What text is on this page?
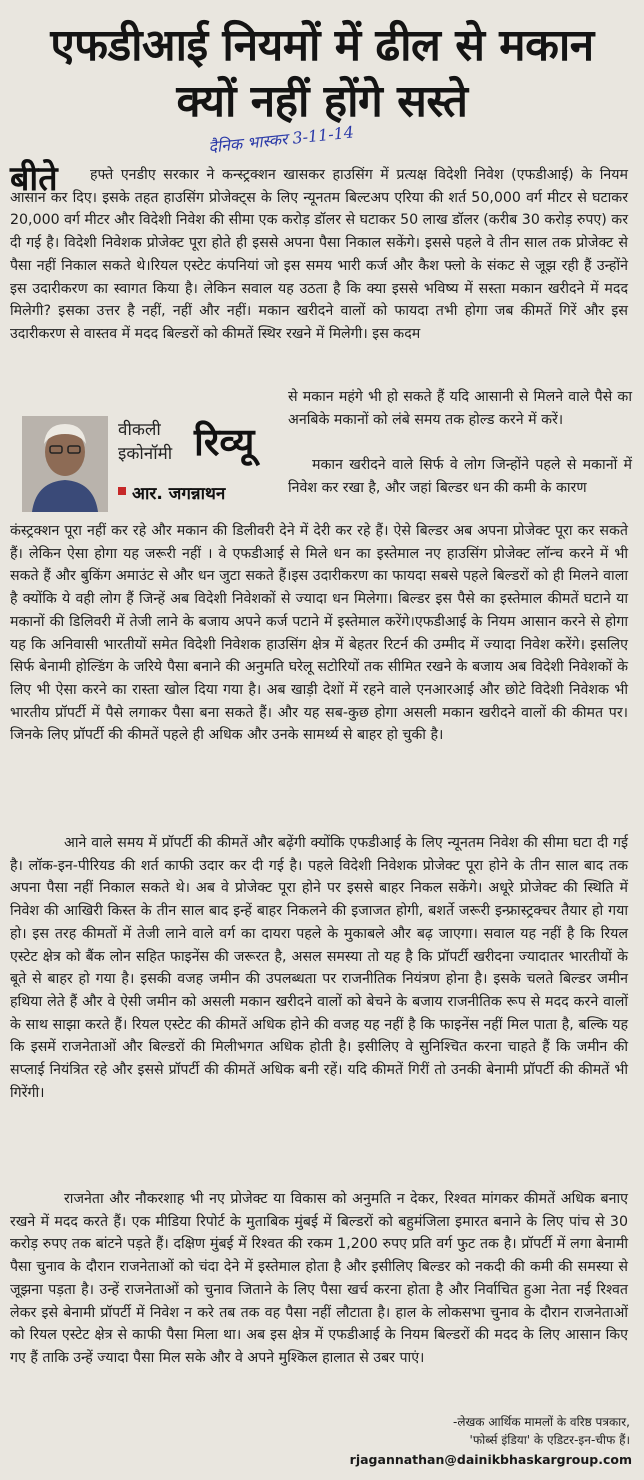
एफडीआई नियमों में ढील से मकान क्यों नहीं होंगे सस्ते
दैनिक भास्कर 3-11-14
बीते	हफ्ते एनडीए सरकार ने कन्स्ट्रक्शन खासकर हाउसिंग में प्रत्यक्ष विदेशी निवेश (एफडीआई) के नियम आसान कर दिए। इसके तहत हाउसिंग प्रोजेक्ट्स के लिए न्यूनतम बिल्टअप एरिया की शर्त 50,000 वर्ग मीटर से घटाकर 20,000 वर्ग मीटर और विदेशी निवेश की सीमा एक करोड़ डॉलर से घटाकर 50 लाख डॉलर (करीब 30 करोड़ रुपए) कर दी गई है। विदेशी निवेशक प्रोजेक्ट पूरा होते ही इससे अपना पैसा निकाल सकेंगे। इससे पहले वे तीन साल तक प्रोजेक्ट से पैसा नहीं निकाल सकते थे।रियल एस्टेट कंपनियां जो इस समय भारी कर्ज और कैश फ्लो के संकट से जूझ रही हैं उन्होंने इस उदारीकरण का स्वागत किया है। लेकिन सवाल यह उठता है कि क्या इससे भविष्य में सस्ता मकान खरीदने में मदद मिलेगी? इसका उत्तर है नहीं, नहीं और नहीं। मकान खरीदने वालों को फायदा तभी होगा जब कीमतें गिरें और इस उदारीकरण से वास्तव में मदद बिल्डरों को कीमतें स्थिर रखने में मिलेगी। इस कदम
वीकली इकोनॉमी रिव्यू
आर. जगन्नाथन
से मकान महंगे भी हो सकते हैं यदि आसानी से मिलने वाले पैसे का अनबिके मकानों को लंबे समय तक होल्ड करने में करें।
मकान खरीदने वाले सिर्फ वे लोग जिन्होंने पहले से मकानों में निवेश कर रखा है, और जहां बिल्डर धन की कमी के कारण
कंस्ट्रक्शन पूरा नहीं कर रहे और मकान की डिलीवरी देने में देरी कर रहे हैं। ऐसे बिल्डर अब अपना प्रोजेक्ट पूरा कर सकते हैं। लेकिन ऐसा होगा यह जरूरी नहीं । वे एफडीआई से मिले धन का इस्तेमाल नए हाउसिंग प्रोजेक्ट लॉन्च करने में भी सकते हैं और बुकिंग अमाउंट से और धन जुटा सकते हैं।इस उदारीकरण का फायदा सबसे पहले बिल्डरों को ही मिलने वाला है क्योंकि ये वही लोग हैं जिन्हें अब विदेशी निवेशकों से ज्यादा धन मिलेगा। बिल्डर इस पैसे का इस्तेमाल कीमतें घटाने या मकानों की डिलिवरी में तेजी लाने के बजाय अपने कर्ज पटाने में इस्तेमाल करेंगे।एफडीआई के नियम आसान करने से होगा यह कि अनिवासी भारतीयों समेत विदेशी निवेशक हाउसिंग क्षेत्र में बेहतर रिटर्न की उम्मीद में ज्यादा निवेश करेंगे। इसलिए सिर्फ बेनामी होल्डिंग के जरिये पैसा बनाने की अनुमति घरेलू सटोरियों तक सीमित रखने के बजाय अब विदेशी निवेशकों के लिए भी ऐसा करने का रास्ता खोल दिया गया है। अब खाड़ी देशों में रहने वाले एनआरआई और छोटे विदेशी निवेशक भी भारतीय प्रॉपर्टी में पैसे लगाकर पैसा बना सकते हैं। और यह सब-कुछ होगा असली मकान खरीदने वालों की कीमत पर। जिनके लिए प्रॉपर्टी की कीमतें पहले ही अधिक और उनके सामर्थ्य से बाहर हो चुकी है।
आने वाले समय में प्रॉपर्टी की कीमतें और बढ़ेंगी क्योंकि एफडीआई के लिए न्यूनतम निवेश की सीमा घटा दी गई है। लॉक-इन-पीरियड की शर्त काफी उदार कर दी गई है। पहले विदेशी निवेशक प्रोजेक्ट पूरा होने के तीन साल बाद तक अपना पैसा नहीं निकाल सकते थे। अब वे प्रोजेक्ट पूरा होने पर इससे बाहर निकल सकेंगे। अधूरे प्रोजेक्ट की स्थिति में निवेश की आखिरी किस्त के तीन साल बाद इन्हें बाहर निकलने की इजाजत होगी, बशर्ते जरूरी इन्फ्रास्ट्रक्चर तैयार हो गया हो। इस तरह कीमतों में तेजी लाने वाले वर्ग का दायरा पहले के मुकाबले और बढ़ जाएगा। सवाल यह नहीं है कि रियल एस्टेट क्षेत्र को बैंक लोन सहित फाइनेंस की जरूरत है, असल समस्या तो यह है कि प्रॉपर्टी खरीदना ज्यादातर भारतीयों के बूते से बाहर हो गया है। इसकी वजह जमीन की उपलब्धता पर राजनीतिक नियंत्रण होना है। इसके चलते बिल्डर जमीन हथिया लेते हैं और वे ऐसी जमीन को असली मकान खरीदने वालों को बेचने के बजाय राजनीतिक रूप से मदद करने वालों के साथ साझा करते हैं। रियल एस्टेट की कीमतें अधिक होने की वजह यह नहीं है कि फाइनेंस नहीं मिल पाता है, बल्कि यह कि इसमें राजनेताओं और बिल्डरों की मिलीभगत अधिक होती है। इसीलिए वे सुनिश्चित करना चाहते हैं कि जमीन की सप्लाई नियंत्रित रहे और इससे प्रॉपर्टी की कीमतें अधिक बनी रहें। यदि कीमतें गिरीं तो उनकी बेनामी प्रॉपर्टी की कीमतें भी गिरेंगी।
राजनेता और नौकरशाह भी नए प्रोजेक्ट या विकास को अनुमति न देकर, रिश्वत मांगकर कीमतें अधिक बनाए रखने में मदद करते हैं। एक मीडिया रिपोर्ट के मुताबिक मुंबई में बिल्डरों को बहुमंजिला इमारत बनाने के लिए पांच से 30 करोड़ रुपए तक बांटने पड़ते हैं। दक्षिण मुंबई में रिश्वत की रकम 1,200 रुपए प्रति वर्ग फुट तक है। प्रॉपर्टी में लगा बेनामी पैसा चुनाव के दौरान राजनेताओं को चंदा देने में इस्तेमाल होता है और इसीलिए बिल्डर को नकदी की कमी की समस्या से जूझना पड़ता है। उन्हें राजनेताओं को चुनाव जिताने के लिए पैसा खर्च करना होता है और निर्वाचित हुआ नेता नई रिश्वत लेकर इसे बेनामी प्रॉपर्टी में निवेश न करे तब तक वह पैसा नहीं लौटाता है। हाल के लोकसभा चुनाव के दौरान राजनेताओं को रियल एस्टेट क्षेत्र से काफी पैसा मिला था। अब इस क्षेत्र में एफडीआई के नियम बिल्डरों की मदद के लिए आसान किए गए हैं ताकि उन्हें ज्यादा पैसा मिल सके और वे अपने मुश्किल हालात से उबर पाएं।
-लेखक आर्थिक मामलों के वरिष्ठ पत्रकार,
'फोर्ब्स इंडिया' के एडिटर-इन-चीफ हैं।
rjagannathan@dainikbhaskargroup.com
